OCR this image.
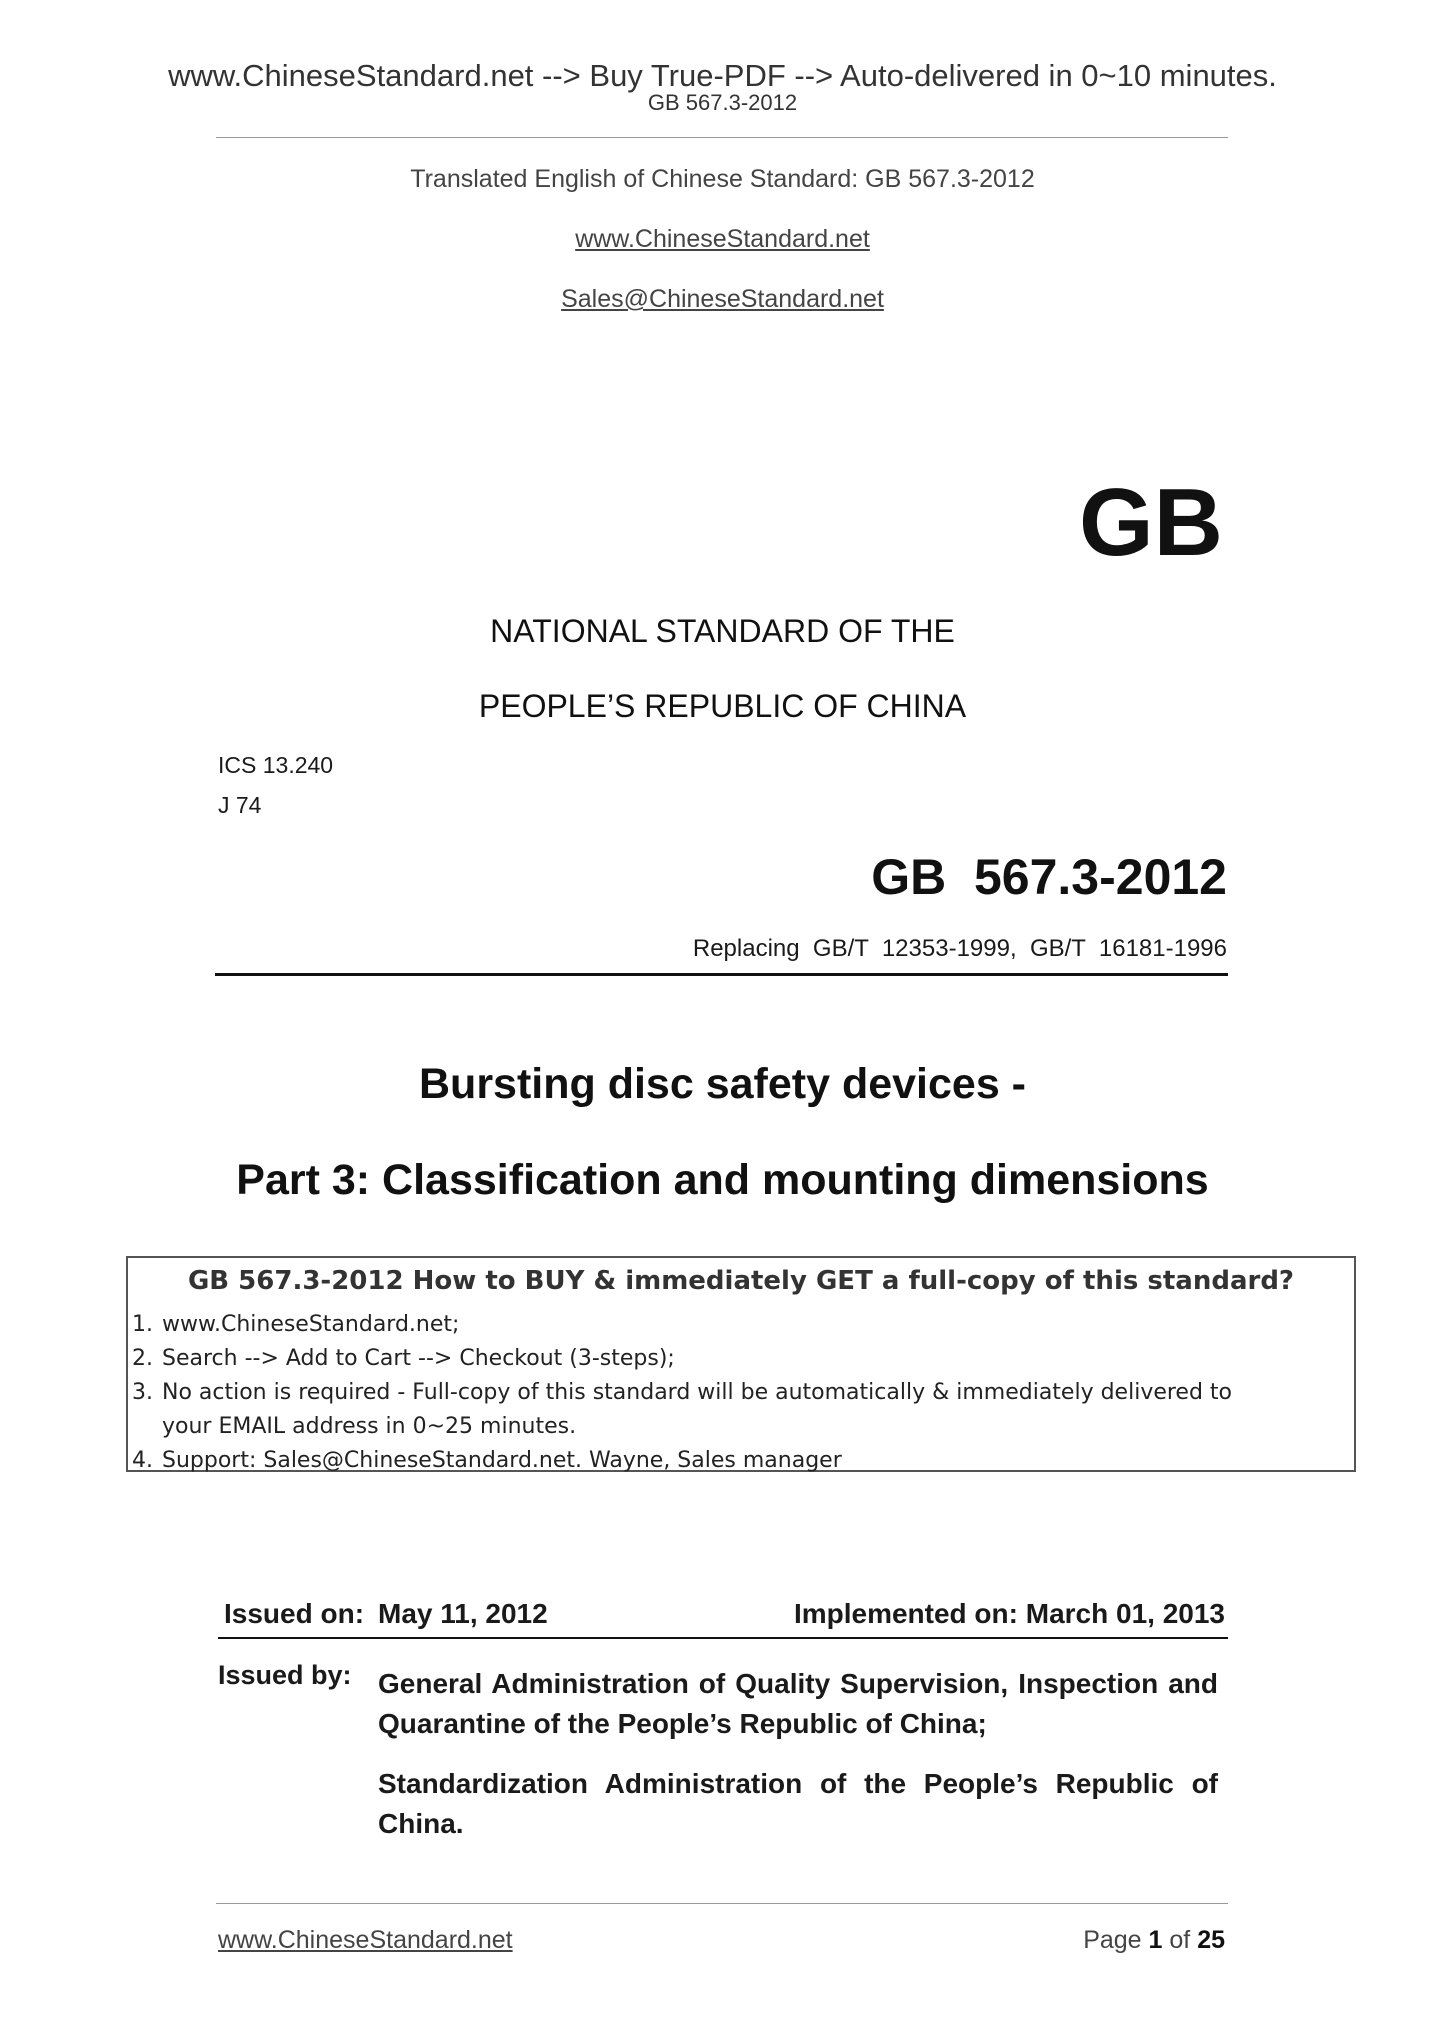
www.ChineseStandard.net --> Buy True-PDF --> Auto-delivered in 0~10 minutes.
GB 567.3-2012
Translated English of Chinese Standard: GB 567.3-2012
www.ChineseStandard.net
Sales@ChineseStandard.net
GB
NATIONAL STANDARD OF THE
PEOPLE’S REPUBLIC OF CHINA
ICS 13.240
J 74
GB  567.3-2012
Replacing  GB/T  12353-1999,  GB/T  16181-1996
Bursting disc safety devices -
Part 3: Classification and mounting dimensions
GB 567.3-2012 How to BUY & immediately GET a full-copy of this standard?
1. www.ChineseStandard.net;
2. Search --> Add to Cart --> Checkout (3-steps);
3. No action is required - Full-copy of this standard will be automatically & immediately delivered to
your EMAIL address in 0~25 minutes.
4. Support: Sales@ChineseStandard.net. Wayne, Sales manager
Issued on: May 11, 2012	Implemented on: March 01, 2013
Issued by: General Administration of Quality Supervision, Inspection and Quarantine of the People’s Republic of China;
Standardization Administration of the People’s Republic of China.
www.ChineseStandard.net	Page 1 of 25
